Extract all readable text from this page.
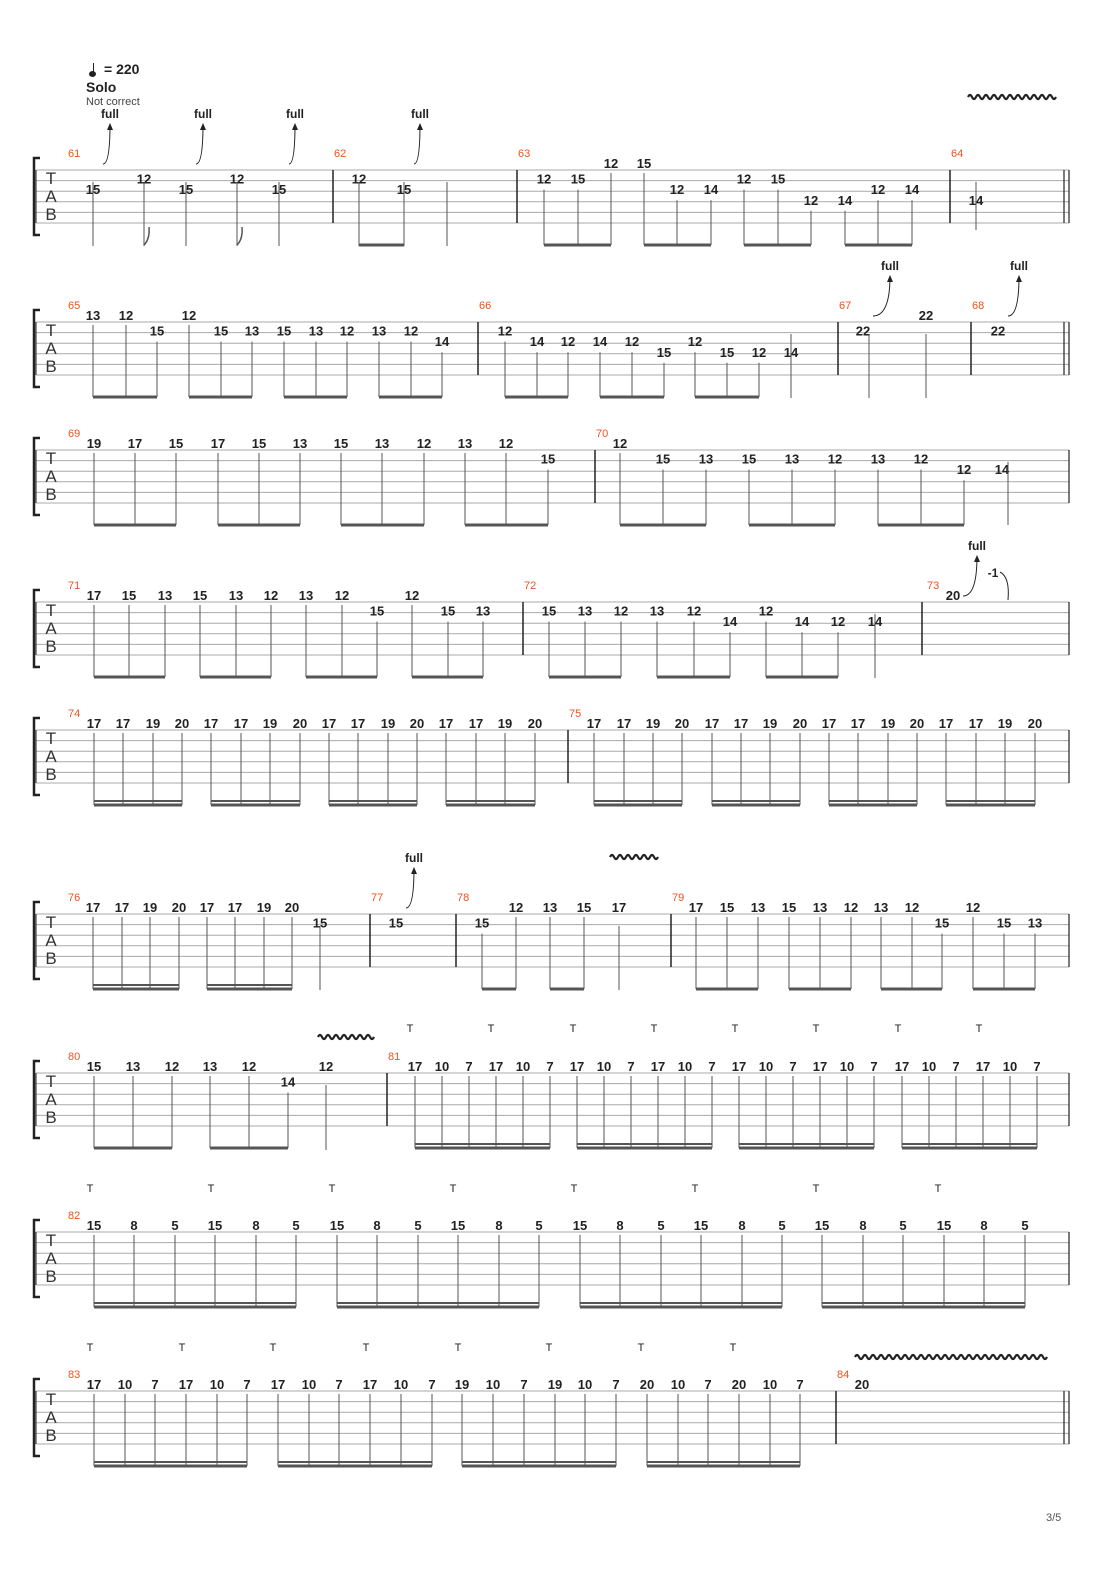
= 220
Solo
Not correct
T
A
B
61
15
12
15
12
15
62
12
15
63
12 15
12 15
12 14
12 15
12 14
12 14
64
14
full	full	full	full
T
A
B
65
13 12
15
12
15 13 15 13 12 13 12
14
66
12
14 12 14 12
15
12
15 12 14
67
22
22
68
22
full	full
T
A
B
69
19 17 15 17 15 13 15 13 12 13 12
15
70
12
15 13 15 13 12 13 12
12 14
T
A
B
71
17 15 13 15 13 12 13 12
15
12
15 13
72
15 13 12 13 12
14
12
14 12 14
73
20
full
-1
T
A
B
74
17 17 19 20 17 17 19 20 17 17 19 20 17 17 19 20
75
17 17 19 20 17 17 19 20 17 17 19 20 17 17 19 20
T
A
B
76
17 17 19 20 17 17 19 20
15
77
15
78
15
12 13 15 17
79
17 15 13 15 13 12 13 12
15
12
15 13
full
T
A
B
80
15 13 12 13 12
14
12
81
17 10 7 17 10 7 17 10 7 17 10 7 17 10 7 17 10 7 17 10 7 17 10 7
T	T	T	T	T	T	T	T
T
A
B
82
15 8	5 15 8	5 15 8	5 15 8	5 15 8	5 15 8	5 15 8	5 15 8	5
T	T	T	T	T	T	T	T
T
A
B
83
17 10 7 17 10 7 17 10 7 17 10 7 19 10 7 19 10 7 20 10 7 20 10 7
84
20
T	T	T	T	T	T	T	T
3/5
